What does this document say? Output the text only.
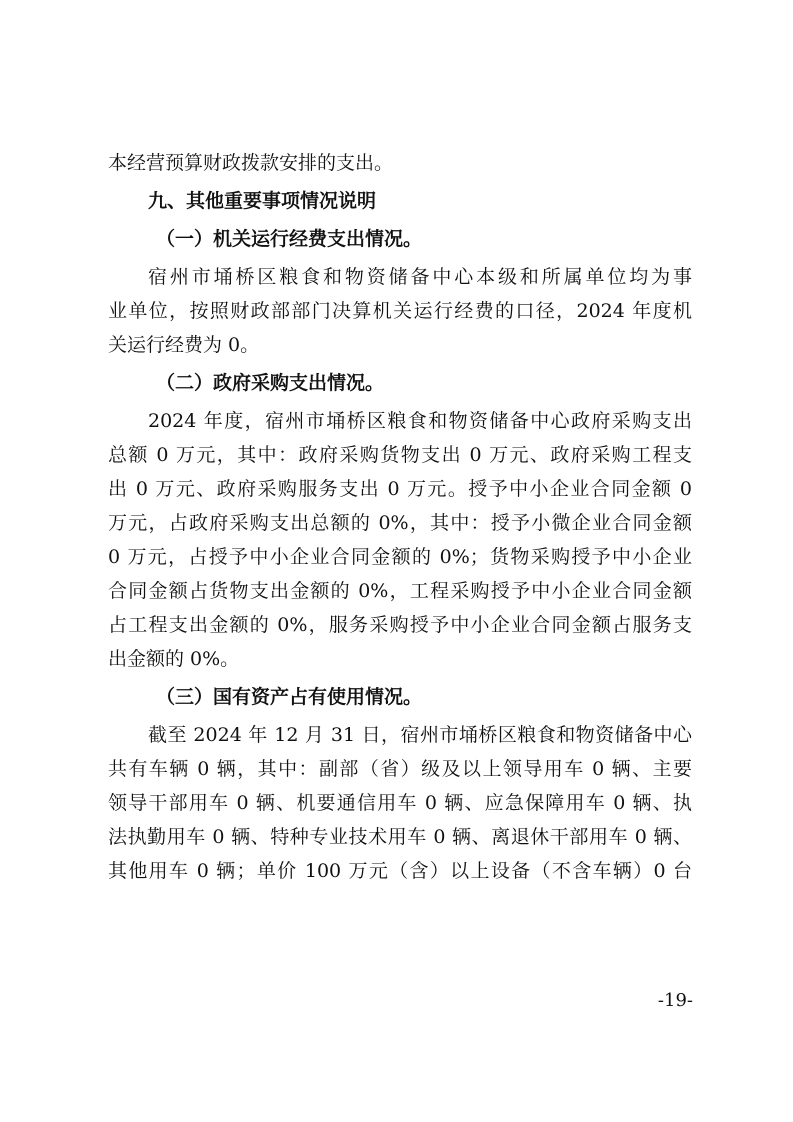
本经营预算财政拨款安排的支出。
九、其他重要事项情况说明
（一）机关运行经费支出情况。
宿州市埇桥区粮食和物资储备中心本级和所属单位均为事
业单位，按照财政部部门决算机关运行经费的口径，2024 年度机
关运行经费为 0。
（二）政府采购支出情况。
2024 年度，宿州市埇桥区粮食和物资储备中心政府采购支出
总额 0 万元，其中：政府采购货物支出 0 万元、政府采购工程支
出 0 万元、政府采购服务支出 0 万元。授予中小企业合同金额 0
万元，占政府采购支出总额的 0%，其中：授予小微企业合同金额
0 万元，占授予中小企业合同金额的 0%；货物采购授予中小企业
合同金额占货物支出金额的 0%，工程采购授予中小企业合同金额
占工程支出金额的 0%，服务采购授予中小企业合同金额占服务支
出金额的 0%。
（三）国有资产占有使用情况。
截至 2024 年 12 月 31 日，宿州市埇桥区粮食和物资储备中心
共有车辆 0 辆，其中：副部（省）级及以上领导用车 0 辆、主要
领导干部用车 0 辆、机要通信用车 0 辆、应急保障用车 0 辆、执
法执勤用车 0 辆、特种专业技术用车 0 辆、离退休干部用车 0 辆、
其他用车 0 辆；单价 100 万元（含）以上设备（不含车辆）0 台
-19-
